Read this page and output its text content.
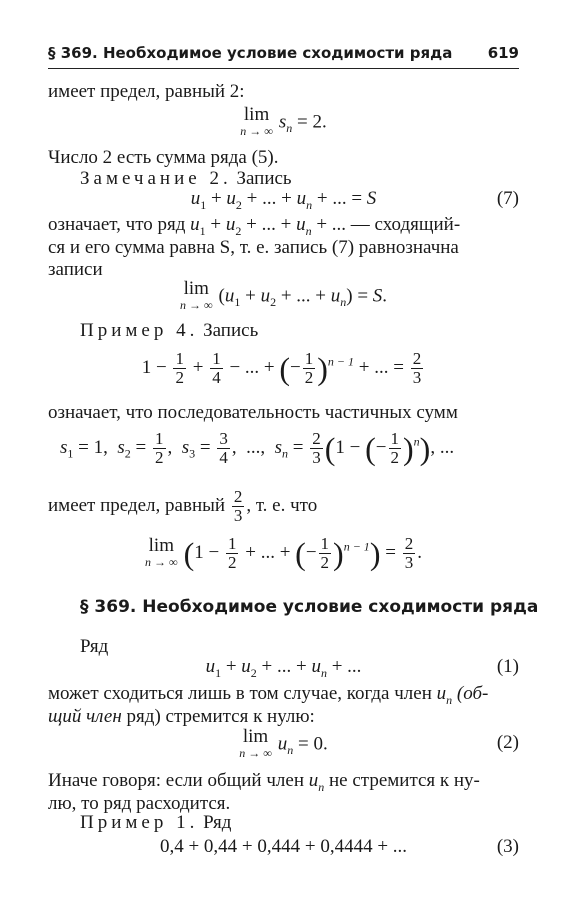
§ 369. Необходимое условие сходимости ряда 619
имеет предел, равный 2:
lim
n → ∞ $s_n = 2$.
Число 2 есть сумма ряда (5).
Замечание 2. Запись
$u_1 + u_2$ + ... + $u_n$ + ... = S	(7)
означает, что ряд $u_1 + u_2$ + ... + $u_n$ + ... — сходящий-
ся и его сумма равна S, т. е. запись (7) равнозначна
записи
lim
n → ∞ ($u_1 + u_2$ + ... + $u_n) = S$.
Пример 4. Запись
$1 - \frac{1}{2} + \frac{1}{4}$ − ... + (− $\frac{1}{2} )^{n - 1}$ + ... = $\frac{2}{3}$
означает, что последовательность частичных сумм
$s_1 = 1$,  $s_2 = \frac{1}{2}$ ,  $s_3 = \frac{3}{4}$ ,  ...,  $s_n = \frac{2}{3} (1$ − (− $\frac{1}{2} )^n$), ...
имеет предел, равный $\frac{2}{3}$ , т. е. что
lim
n → ∞ ($1 - \frac{1}{2}$ + ... + (− $\frac{1}{2} )^{n - 1}) = \frac{2}{3}$ .
§ 369. Необходимое условие сходимости ряда
Ряд
$u_1 + u_2$ + ... + $u_n$ + ...	(1)
может сходиться лишь в том случае, когда член $u_n$ (об-
щий член ряд) стремится к нулю:
lim
n → ∞ $u_n = 0$.	(2)
Иначе говоря: если общий член $u_n$ не стремится к ну-
лю, то ряд расходится.
Пример 1. Ряд
0,4 + 0,44 + 0,444 + 0,4444 + ...	(3)
